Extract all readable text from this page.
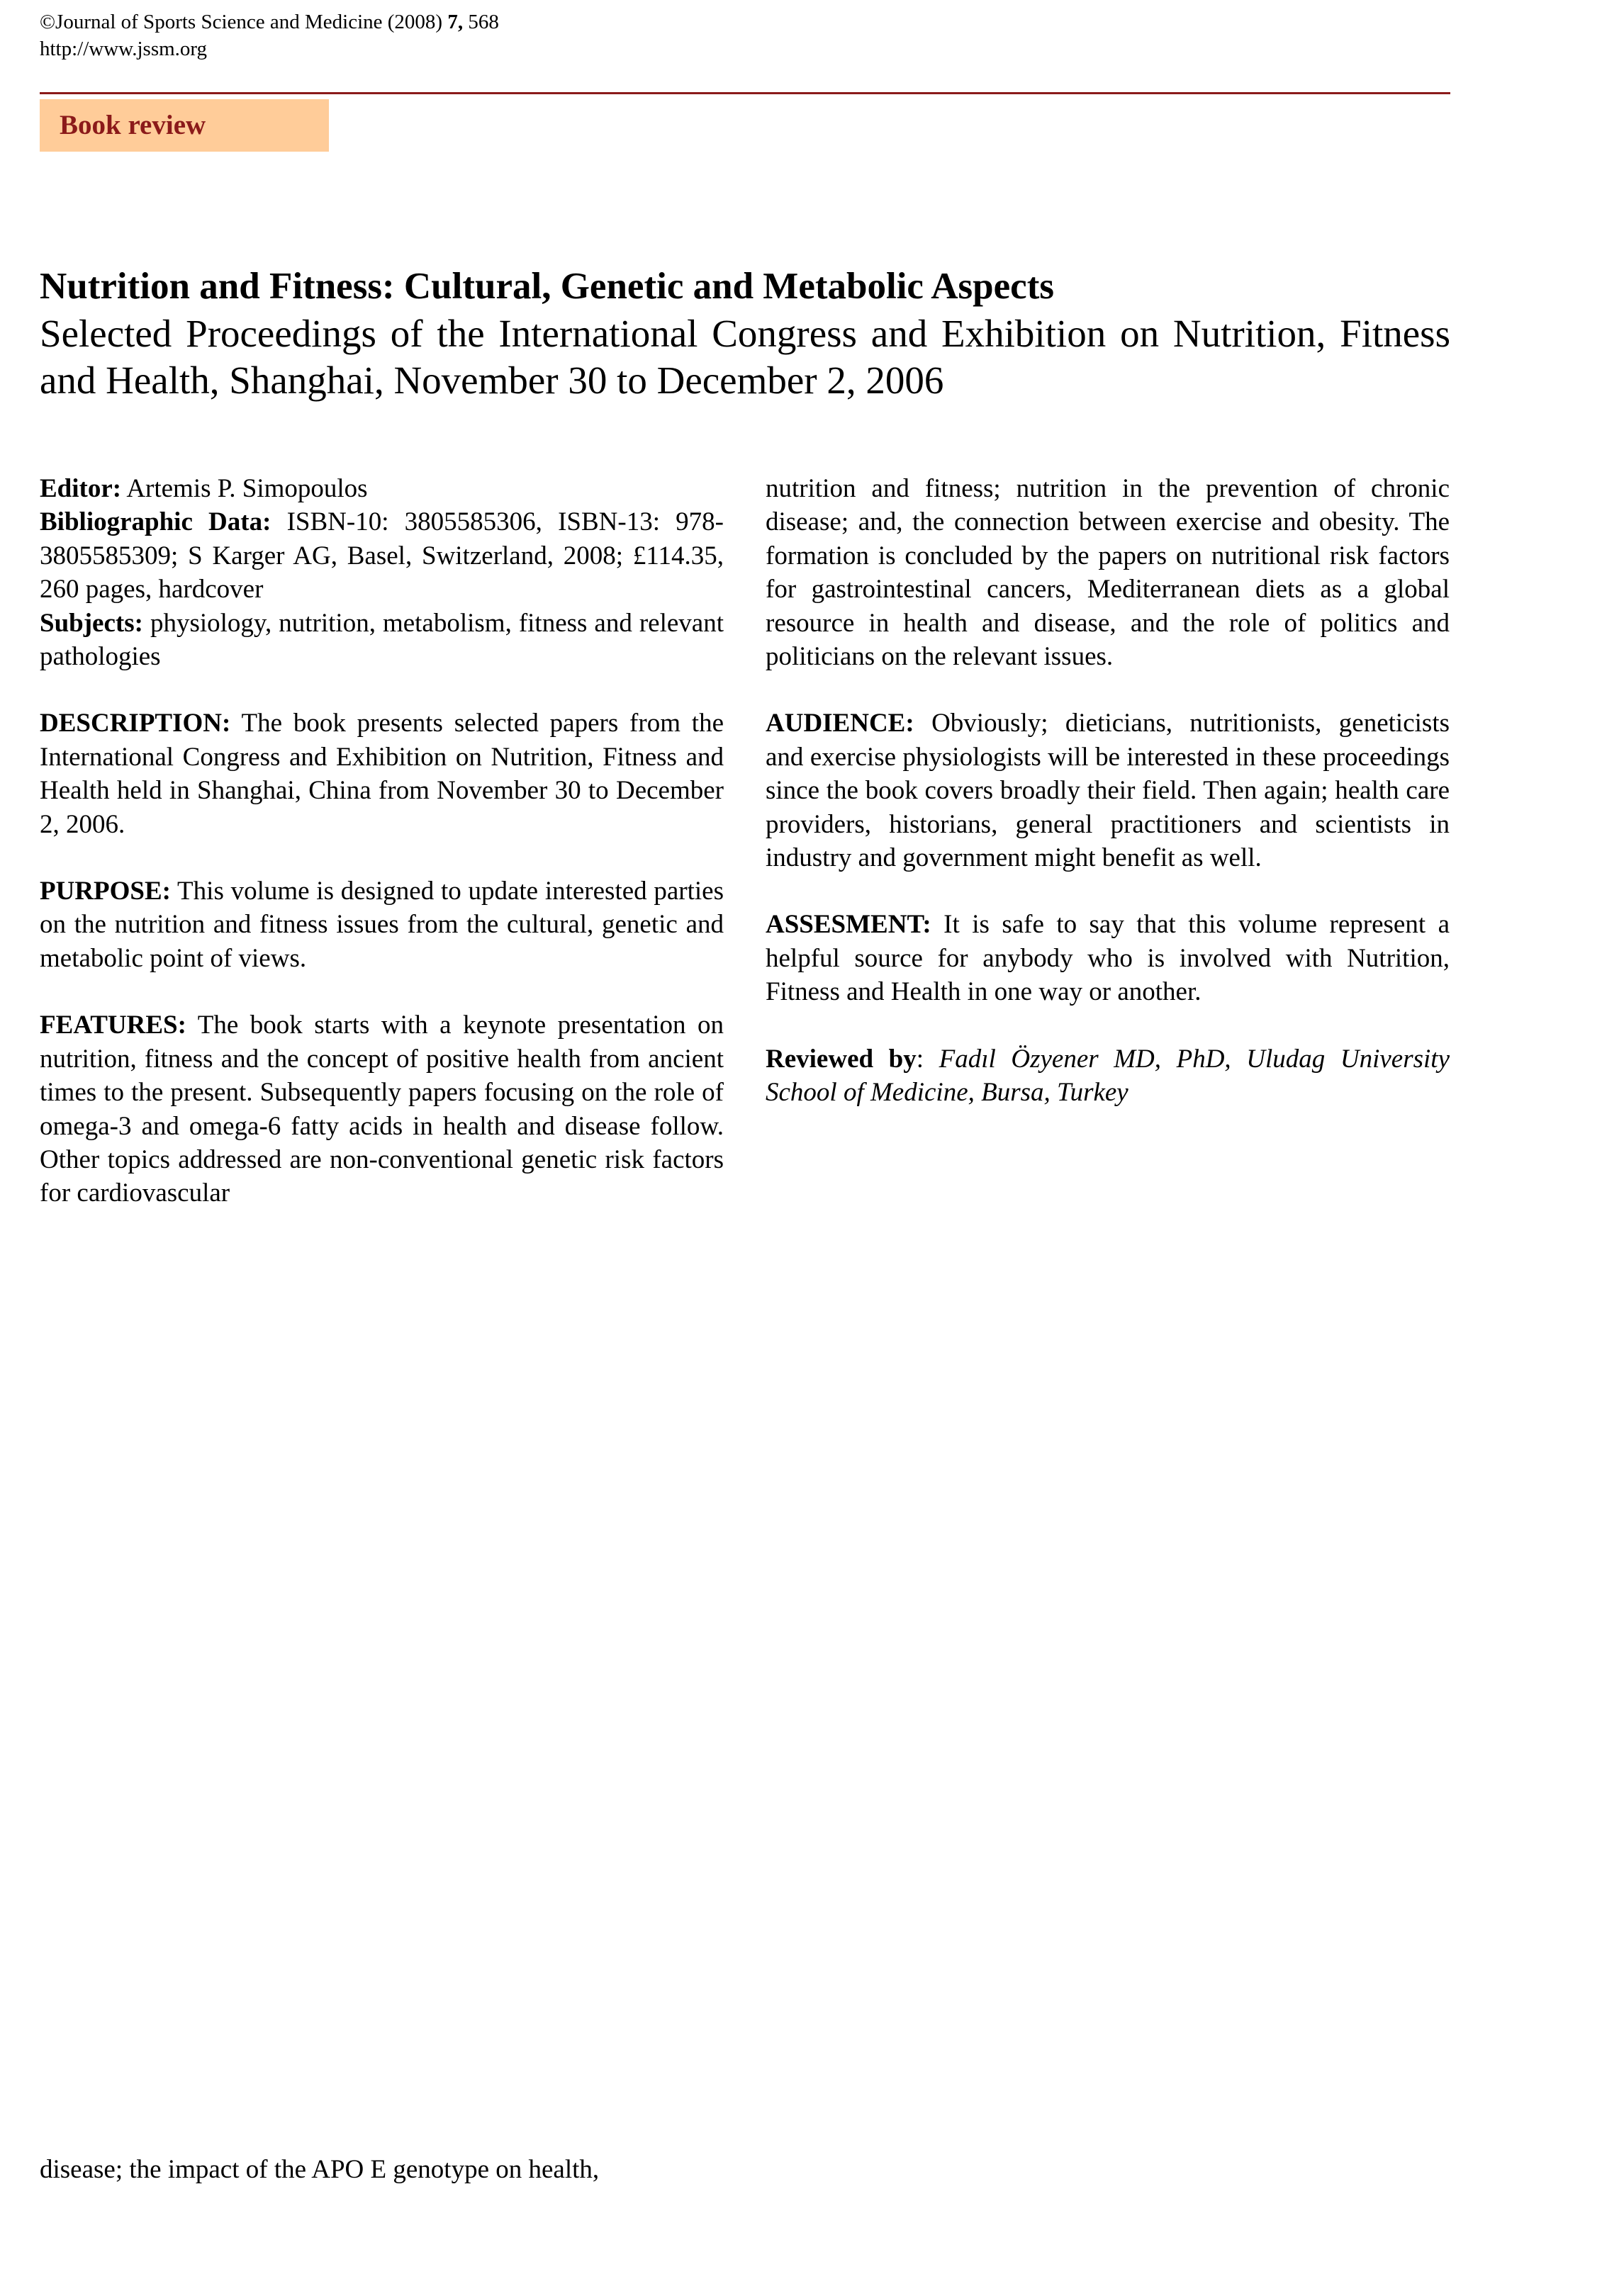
©Journal of Sports Science and Medicine (2008) 7, 568
http://www.jssm.org
Book review
Nutrition and Fitness: Cultural, Genetic and Metabolic Aspects
Selected Proceedings of the International Congress and Exhibition on Nutrition, Fitness and Health, Shanghai, November 30 to December 2, 2006

Editor: Artemis P. Simopoulos

Bibliographic Data: ISBN-10: 3805585306, ISBN-13: 978-3805585309; S Karger AG, Basel, Switzerland, 2008; £114.35, 260 pages, hardcover

Subjects: physiology, nutrition, metabolism, fitness and relevant pathologies

DESCRIPTION: The book presents selected papers from the International Congress and Exhibition on Nutrition, Fitness and Health held in Shanghai, China from November 30 to December 2, 2006.

PURPOSE: This volume is designed to update interested parties on the nutrition and fitness issues from the cultural, genetic and metabolic point of views.

FEATURES: The book starts with a keynote presentation on nutrition, fitness and the concept of positive health from ancient times to the present. Subsequently papers focusing on the role of omega-3 and omega-6 fatty acids in health and disease follow. Other topics addressed are non-conventional genetic risk factors for cardiovascular

nutrition and fitness; nutrition in the prevention of chronic disease; and, the connection between exercise and obesity. The formation is concluded by the papers on nutritional risk factors for gastrointestinal cancers, Mediterranean diets as a global resource in health and disease, and the role of politics and politicians on the relevant issues.

AUDIENCE: Obviously; dieticians, nutritionists, geneticists and exercise physiologists will be interested in these proceedings since the book covers broadly their field. Then again; health care providers, historians, general practitioners and scientists in industry and government might benefit as well.

ASSESMENT: It is safe to say that this volume represent a helpful source for anybody who is involved with Nutrition, Fitness and Health in one way or another.

Reviewed by: Fadıl Özyener MD, PhD, Uludag University School of Medicine, Bursa, Turkey

disease; the impact of the APO E genotype on health,
